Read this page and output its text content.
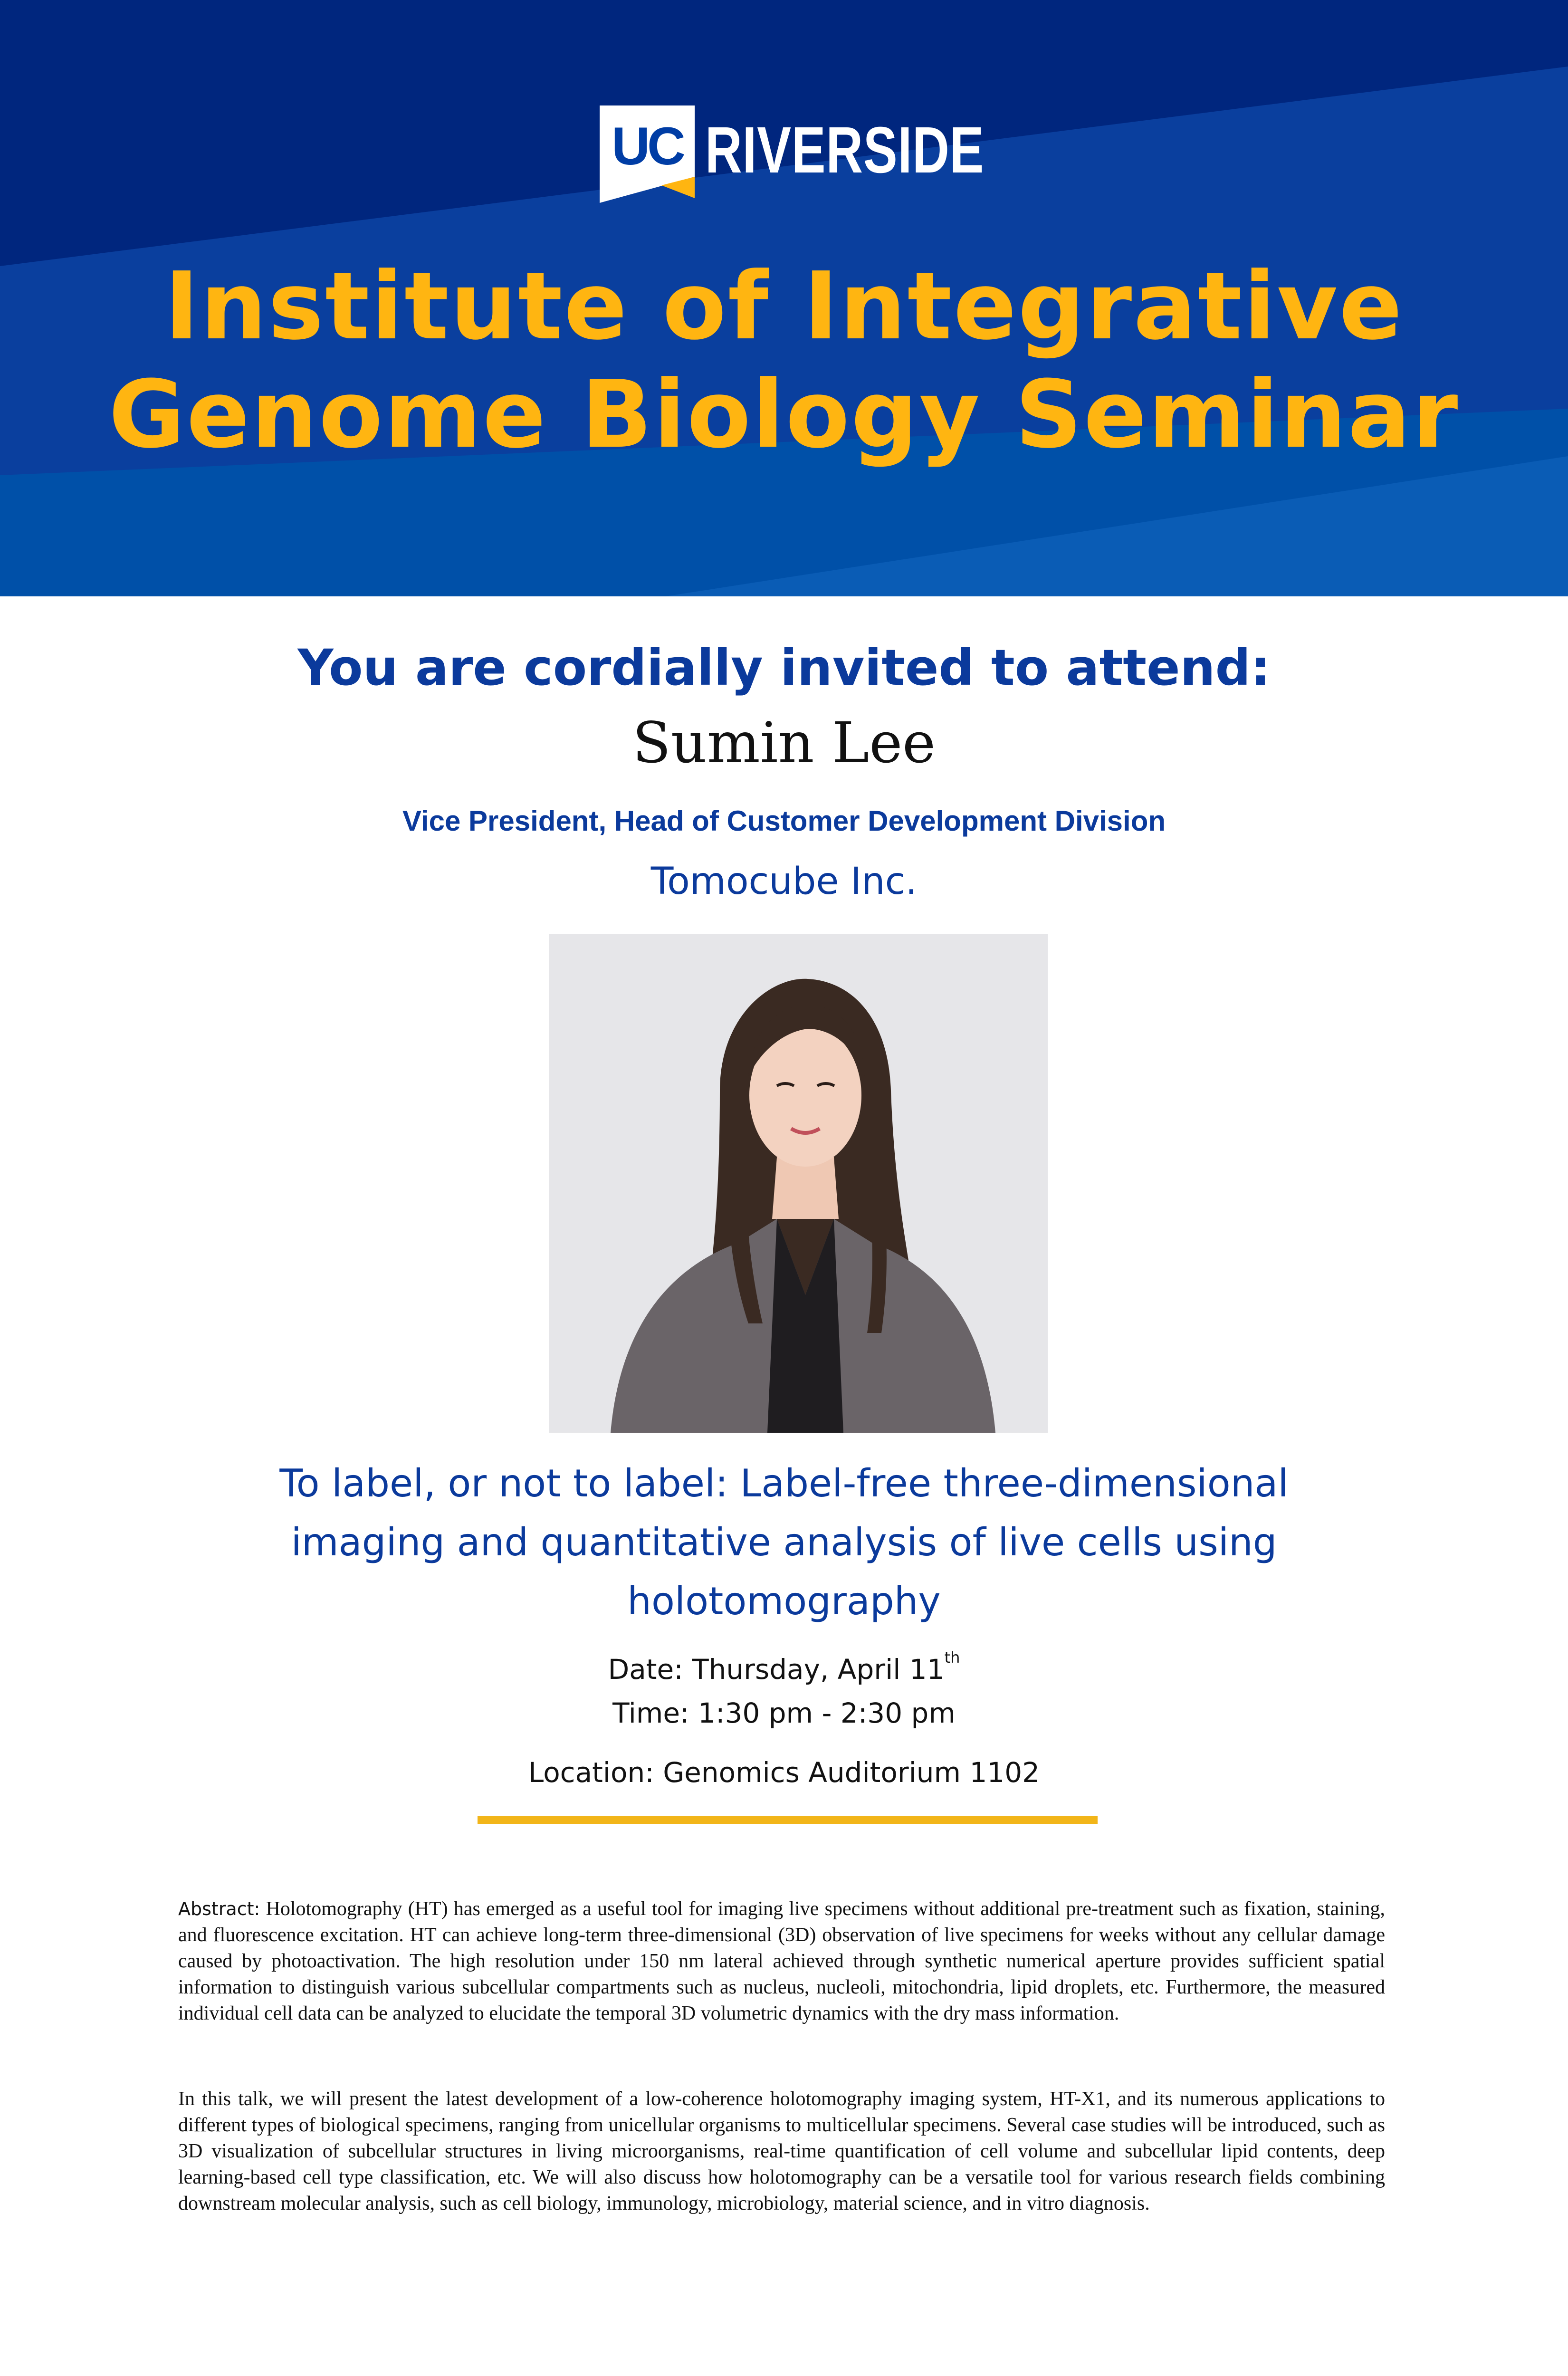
UC RIVERSIDE
Institute of Integrative
Genome Biology Seminar
You are cordially invited to attend:
Sumin Lee
Vice President, Head of Customer Development Division
Tomocube Inc.
To label, or not to label: Label-free three-dimensional
imaging and quantitative analysis of live cells using
holotomography
Date: Thursday, April 11th
Time: 1:30 pm - 2:30 pm
Location: Genomics Auditorium 1102
Abstract: Holotomography (HT) has emerged as a useful tool for imaging live specimens without additional pre-treatment such as fixation, staining, and fluorescence excitation. HT can achieve long-term three-dimensional (3D) observation of live specimens for weeks without any cellular damage caused by photoactivation. The high resolution under 150 nm lateral achieved through synthetic numerical aperture provides sufficient spatial information to distinguish various subcellular compartments such as nucleus, nucleoli, mitochondria, lipid droplets, etc. Furthermore, the measured individual cell data can be analyzed to elucidate the temporal 3D volumetric dynamics with the dry mass information.
In this talk, we will present the latest development of a low-coherence holotomography imaging system, HT-X1, and its numerous applications to different types of biological specimens, ranging from unicellular organisms to multicellular specimens. Several case studies will be introduced, such as 3D visualization of subcellular structures in living microorganisms, real-time quantification of cell volume and subcellular lipid contents, deep learning-based cell type classification, etc. We will also discuss how holotomography can be a versatile tool for various research fields combining downstream molecular analysis, such as cell biology, immunology, microbiology, material science, and in vitro diagnosis.
